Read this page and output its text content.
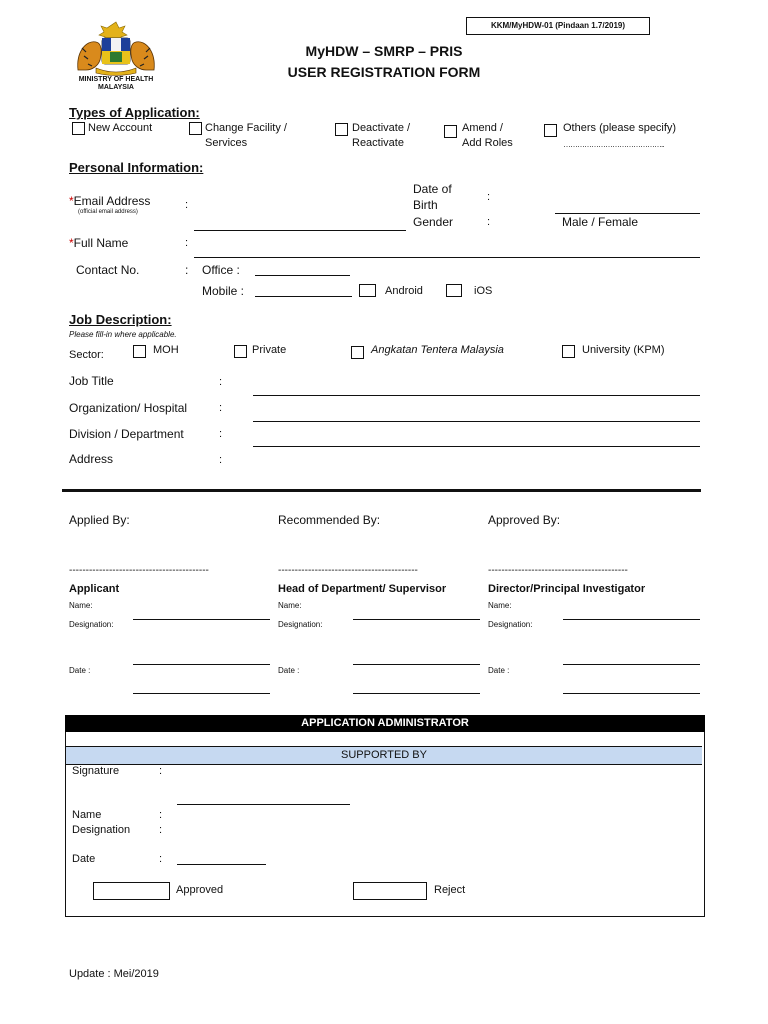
MINISTRY OF HEALTH
MALAYSIA
KKM/MyHDW-01 (Pindaan 1.7/2019)
MyHDW – SMRP – PRIS
USER REGISTRATION FORM
Types of Application:
New Account	Change Facility /
Services
Deactivate /
Reactivate
Amend /
Add Roles
Others (please specify)
……………………………………..
Personal Information:
*Email Address
(official email address)
:
Date of
Birth
:
Gender	:	Male / Female
*Full Name	:
Contact No.	: Office :
Mobile :	Android	iOS
Job Description:
Please fill-in where applicable.
Sector:	MOH	Private	Angkatan Tentera Malaysia	University (KPM)
Job Title	:
Organization/ Hospital	:
Division / Department	:
Address	:
Applied By:
------------------------------------------
Applicant
Name:
Designation:
Date :
Recommended By:
------------------------------------------
Head of Department/ Supervisor
Name:
Designation:
Date :
Approved By:
------------------------------------------
Director/Principal Investigator
Name:
Designation:
Date :
APPLICATION ADMINISTRATOR
SUPPORTED BY
Signature	:
Name	:
Designation	:
Date	:
Approved	Reject
Update : Mei/2019
